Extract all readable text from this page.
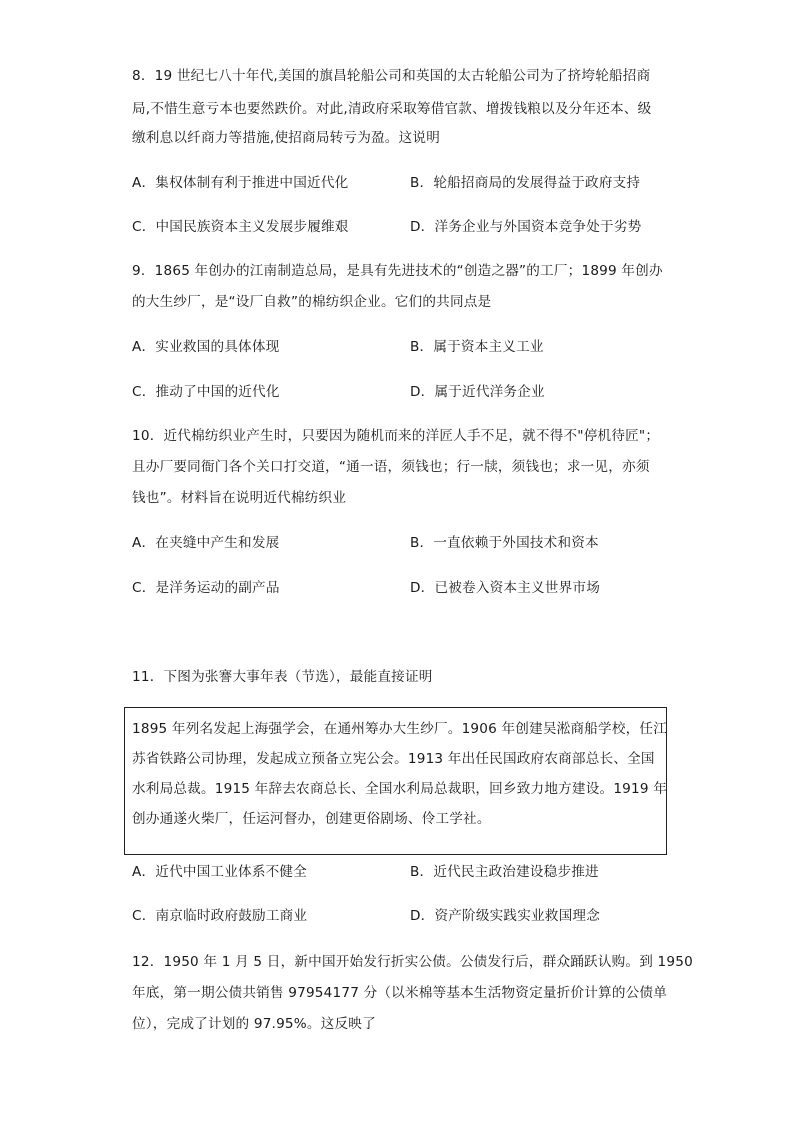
8．19 世纪七八十年代,美国的旗昌轮船公司和英国的太古轮船公司为了挤垮轮船招商
局,不惜生意亏本也要然跌价。对此,清政府采取筹借官款、增拨钱粮以及分年还本、级
缴利息以纤商力等措施,使招商局转亏为盈。这说明
A．集权体制有利于推进中国近代化	B．轮船招商局的发展得益于政府支持
C．中国民族资本主义发展步履维艰	D．洋务企业与外国资本竞争处于劣势
9．1865 年创办的江南制造总局，是具有先进技术的“创造之器”的工厂；1899 年创办
的大生纱厂，是“设厂自救”的棉纺织企业。它们的共同点是
A．实业救国的具体体现	B．属于资本主义工业
C．推动了中国的近代化	D．属于近代洋务企业
10．近代棉纺织业产生时，只要因为随机而来的洋匠人手不足，就不得不"停机待匠"；
且办厂要同衙门各个关口打交道，“通一语，须钱也；行一牍，须钱也；求一见，亦须
钱也”。材料旨在说明近代棉纺织业
A．在夹缝中产生和发展	B．一直依赖于外国技术和资本
C．是洋务运动的副产品	D．已被卷入资本主义世界市场
11．下图为张謇大事年表（节选），最能直接证明
1895 年列名发起上海强学会，在通州筹办大生纱厂。1906 年创建吴淞商船学校，任江
苏省铁路公司协理，发起成立预备立宪公会。1913 年出任民国政府农商部总长、全国
水利局总裁。1915 年辞去农商总长、全国水利局总裁职，回乡致力地方建设。1919 年
创办通遂火柴厂，任运河督办，创建更俗剧场、伶工学社。
A．近代中国工业体系不健全	B．近代民主政治建设稳步推进
C．南京临时政府鼓励工商业	D．资产阶级实践实业救国理念
12．1950 年 1 月 5 日，新中国开始发行折实公债。公债发行后，群众踊跃认购。到 1950
年底，第一期公债共销售 97954177 分（以米棉等基本生活物资定量折价计算的公债单
位），完成了计划的 97.95%。这反映了
